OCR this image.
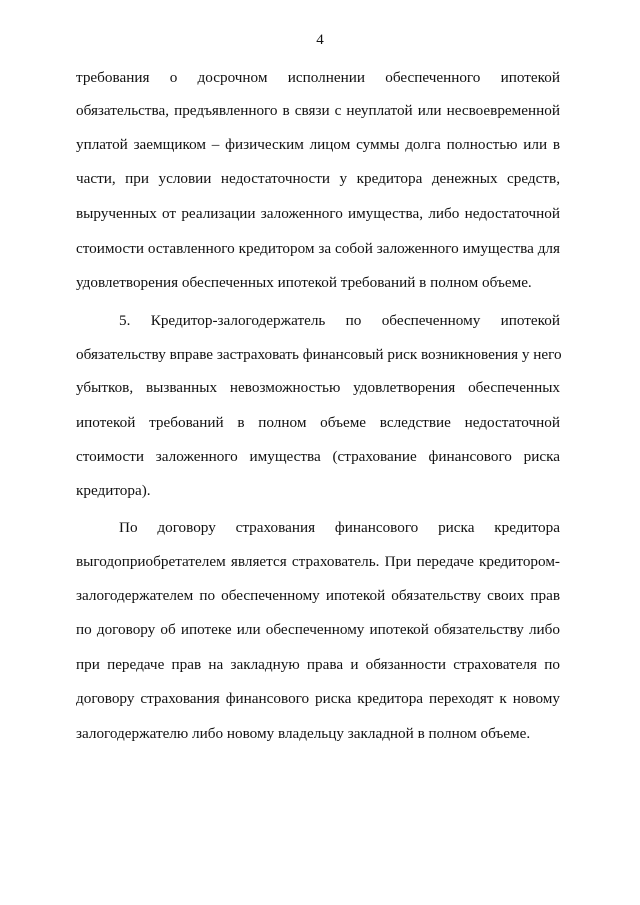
4
требования о досрочном исполнении обеспеченного ипотекой
обязательства, предъявленного в связи с неуплатой или несвоевременной
уплатой заемщиком – физическим лицом суммы долга полностью или в
части, при условии недостаточности у кредитора денежных средств,
вырученных от реализации заложенного имущества, либо недостаточной
стоимости оставленного кредитором за собой заложенного имущества для
удовлетворения обеспеченных ипотекой требований в полном объеме.
5. Кредитор-залогодержатель по обеспеченному ипотекой
обязательству вправе застраховать финансовый риск возникновения у него
убытков, вызванных невозможностью удовлетворения обеспеченных
ипотекой требований в полном объеме вследствие недостаточной
стоимости заложенного имущества (страхование финансового риска
кредитора).
По договору страхования финансового риска кредитора
выгодоприобретателем является страхователь. При передаче кредитором-
залогодержателем по обеспеченному ипотекой обязательству своих прав
по договору об ипотеке или обеспеченному ипотекой обязательству либо
при передаче прав на закладную права и обязанности страхователя по
договору страхования финансового риска кредитора переходят к новому
залогодержателю либо новому владельцу закладной в полном объеме.
